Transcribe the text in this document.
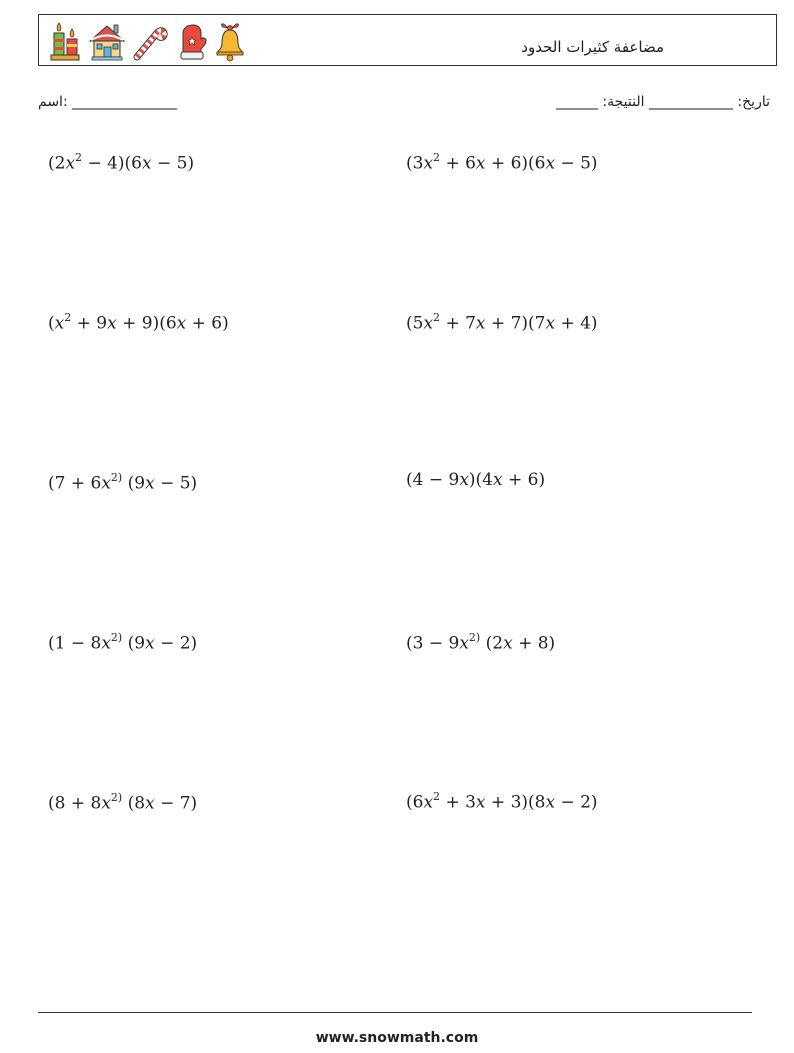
مضاعفة كثيرات الحدود
اسم: _______________	______ :تاريخ: ____________ النتيجة
$(2x^2 - 4)(6x - 5)$	$(3x^2 + 6x + 6)(6x - 5)$
$(x^2 + 9x + 9)(6x + 6)$	$(5x^2 + 7x + 7)(7x + 4)$
($7 + 6x^{2)}$ (9x − 5)	(4 − 9x)(4x + 6)
($1 - 8x^{2)}$ (9x − 2)	($3 - 9x^{2)}$ (2x + 8)
($8 + 8x^{2)}$ (8x − 7)	$(6x^2 + 3x + 3)(8x - 2)$
www.snowmath.com
